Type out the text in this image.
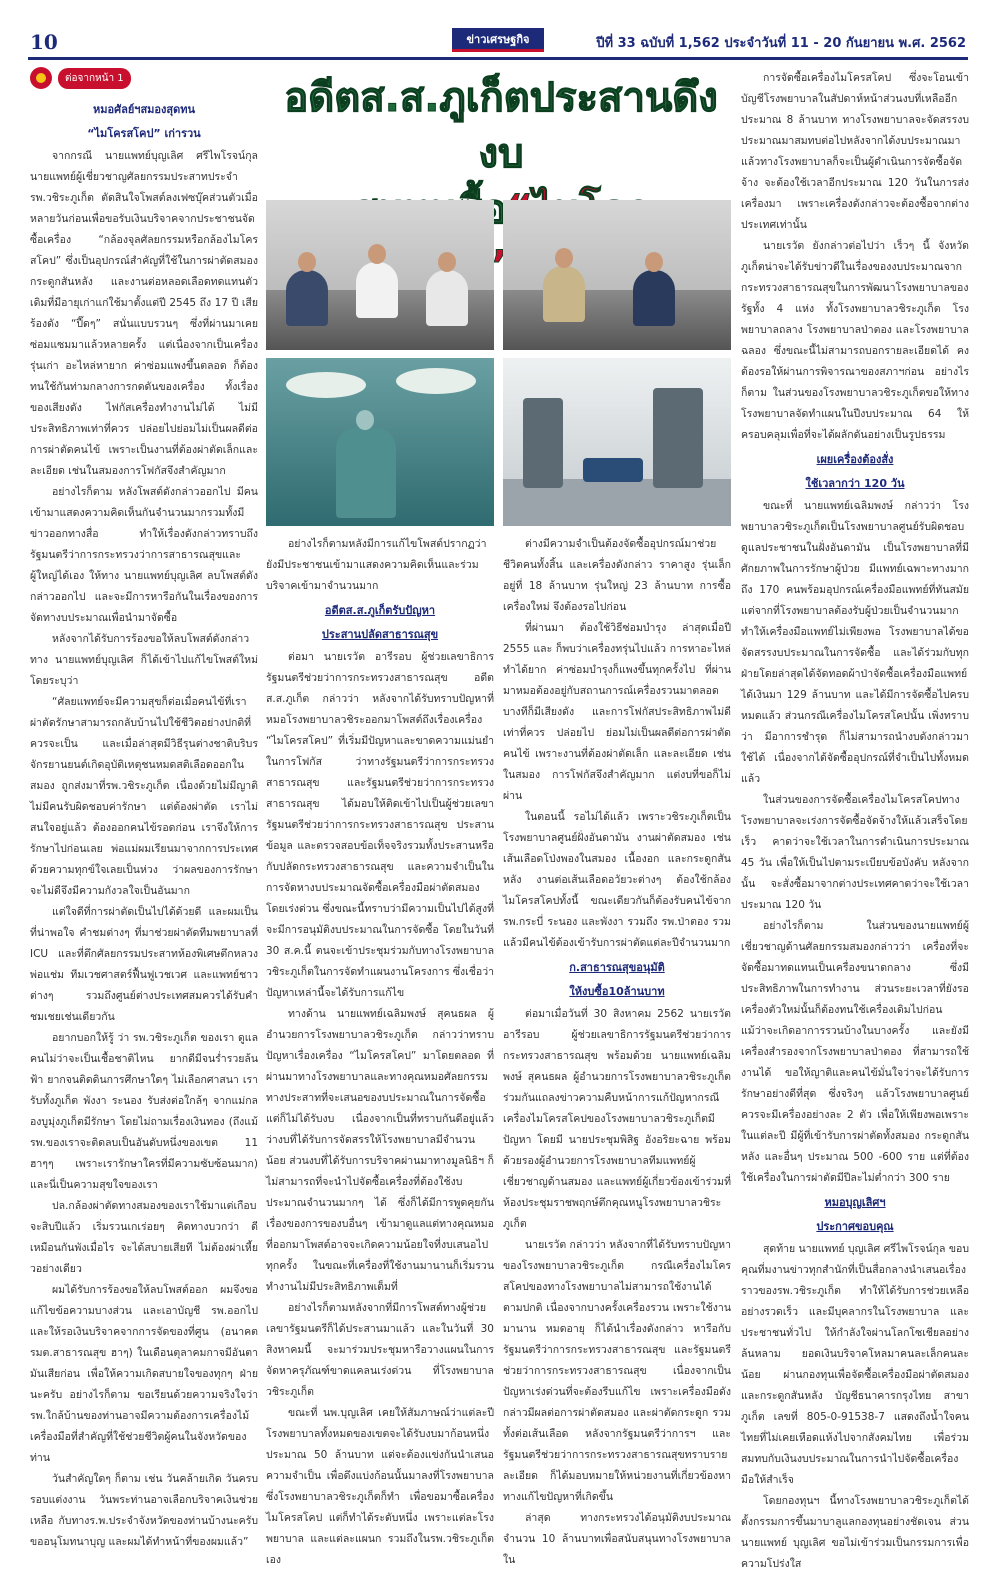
10	ข่าวเศรษฐกิจ	ปีที่ 33 ฉบับที่ 1,562 ประจำวันที่ 11 - 20 กันยายน พ.ศ. 2562
ต่อจากหน้า 1	อดีตส.ส.ภูเก็ตประสานดึงงบ
หมอศัลย์ฯสมองสุดทน
“ไมโครสโคป” เก่ารวน

จากกรณี นายแพทย์บุญเลิศ ศรีไพโรจน์กุล นายแพทย์ผู้เชี่ยวชาญศัลยกรรมประสาทประจำ รพ.วชิระภูเก็ต ตัดสินใจโพสต์ลงเฟซบุ๊คส่วนตัวเมื่อหลายวันก่อนเพื่อขอรับเงินบริจาคจากประชาชนจัดซื้อเครื่อง “กล้องจุลศัลยกรรมหรือกล้องไมโครสโคป” ซึ่งเป็นอุปกรณ์สำคัญที่ใช้ในการผ่าตัดสมอง กระดูกสันหลัง และงานต่อหลอดเลือดทดแทนตัวเดิมที่มีอายุเก่าแก่ใช้มาตั้งแต่ปี 2545 ถึง 17 ปี เสียร้องดัง “ปี๊ดๆ” สนั่นแบบรวนๆ ซึ่งที่ผ่านมาเคยซ่อมแซมมาแล้วหลายครั้ง แต่เนื่องจากเป็นเครื่องรุ่นเก่า อะไหล่หายาก ค่าซ่อมแพงขึ้นตลอด ก็ต้องทนใช้กันท่ามกลางการกดดันของเครื่อง ทั้งเรื่องของเสียงดัง ไฟกัสเครื่องทำงานไม่ได้ ไม่มีประสิทธิภาพเท่าที่ควร ปล่อยไปย่อมไม่เป็นผลดีต่อการผ่าตัดคนไข้ เพราะเป็นงานที่ต้องผ่าตัดเล็กและละเอียด เช่นในสมองการโฟกัสจึงสำคัญมาก

อย่างไรก็ตาม หลังโพสต์ดังกล่าวออกไป มีคนเข้ามาแสดงความคิดเห็นกันจำนวนมากรวมทั้งมีข่าวออกทางสื่อ ทำให้เรื่องดังกล่าวทราบถึงรัฐมนตรีว่าการกระทรวงว่าการสาธารณสุขและผู้ใหญ่ได้เอง ให้ทาง นายแพทย์บุญเลิศ ลบโพสต์ดังกล่าวออกไป และจะมีการหารือกันในเรื่องของการจัดทางบประมาณเพื่อนำมาจัดซื้อ

หลังจากได้รับการร้องขอให้ลบโพสต์ดังกล่าว ทาง นายแพทย์บุญเลิศ ก็ได้เข้าไปแก้ไขโพสต์ใหม่โดยระบุว่า

“ศัลยแพทย์จะมีความสุขก็ต่อเมื่อคนไข้ที่เราผ่าตัดรักษาสามารถกลับบ้านไปใช้ชีวิตอย่างปกติที่ควรจะเป็น และเมื่อล่าสุดมีวิธีรุนต่างชาติบริบรจักรยานยนต์เกิดอุบัติเหตุชนหมดสติเลือดออกในสมอง ถูกส่งมาที่รพ.วชิระภูเก็ต เนื่องด้วยไม่มีญาติ ไม่มีคนรับผิดชอบค่ารักษา แต่ต้องผ่าตัด เราไม่สนใจอยู่แล้ว ต้องออกคนไข้รอดก่อน เราจึงให้การรักษาไปก่อนเลย พ่อแม่ผมเรียนมาจากการประเทศด้วยความทุกข์ใจเลยเป็นห่วง ว่าผลของการรักษาจะไม่ดีจึงมีความกังวลใจเป็นอันมาก

แต่ใจดีที่การผ่าตัดเป็นไปได้ด้วยดี และผมเป็นที่น่าพอใจ คำชมต่างๆ ที่มาช่วยผ่าตัดทีมพยาบาลที่ ICU และที่ตึกศัลยกรรมประสาทห้องพิเศษตึกหลวงพ่อแช่ม ทีมเวชศาสตร์ฟื้นฟูเวชเวศ และแพทย์ชาวต่างๆ รวมถึงศูนย์ต่างประเทศสมควรได้รับคำชมเชยเช่นเดียวกัน

อยากบอกให้รู้ ว่า รพ.วชิระภูเก็ต ของเรา ดูแลคนไม่ว่าจะเป็นเชื้อชาติไหน ยากดีมีจนร่ำรวยล้นฟ้า ยากจนติดดินการศึกษาใดๆ ไม่เลือกศาสนา เรารับทั้งภูเก็ต พังงา ระนอง รับส่งต่อใกล้ๆ จากแม่กลองบูมุ่งภูเก็ตมีรักษา โดยไม่ถามเรื่องเงินทอง (ถึงแม้ รพ.ของเราจะติดลบเป็นอันดับหนึ่งของเขต 11 ฮาๆๆ เพราะเรารักษาใครที่มีความซับซ้อนมาก) และนี่เป็นความสุขใจของเรา

ปล.กล้องผ่าตัดทางสมองของเราใช้มาแต่เกือบจะสิบปีแล้ว เริ่มรวนเกเร่อยๆ คิดทางบวกว่า ดีเหมือนกันพังเมื่อไร จะได้สบายเสียที ไม่ต้องผ่าเหี้ยวอย่างเดียว

ผมได้รับการร้องขอให้ลบโพสต์ออก ผมจึงขอแก้ไขข้อความบางส่วน และเอาบัญชี รพ.ออกไป และให้รอเงินบริจาคจากการจัดของที่ศูน (อนาคต รมต.สาธารณสุข ฮาๆ) ในเดือนตุลาคมกาจมีอันตามันเสียก่อน เพื่อให้ความเกิดสบายใจของทุกๆ ฝ่ายนะครับ อย่างไรก็ตาม ขอเรียนด้วยความจริงใจว่า รพ.ใกล้บ้านของท่านอาจมีความต้องการเครื่องไม้เครื่องมือที่สำคัญที่ใช้ช่วยชีวิตผู้คนในจังหวัดของท่าน

วันสำคัญใดๆ ก็ตาม เช่น วันคล้ายเกิด วันครบรอบแต่งงาน วันพระท่านอาจเลือกบริจาคเงินช่วยเหลือ กับทางร.พ.ประจำจังหวัดของท่านบ้างนะครับ ขออนุโมทนาบุญ และผมได้ทำหน้าที่ของผมแล้ว”

อย่างไรก็ตามหลังมีการแก้ไขโพสต์ปรากฏว่ายังมีประชาชนเข้ามาแสดงความคิดเห็นและร่วมบริจาคเข้ามาจำนวนมาก

อดีตส.ส.ภูเก็ตรับปัญหา
ประสานปลัดสาธารณสุข

ต่อมา นายเรวัต อารีรอบ ผู้ช่วยเลขาธิการรัฐมนตรีช่วยว่าการกระทรวงสาธารณสุข อดีต ส.ส.ภูเก็ต กล่าวว่า หลังจากได้รับทราบปัญหาที่หมอโรงพยาบาลวชิระออกมาโพสต์ถึงเรื่องเครื่อง “ไมโครสโคป” ที่เริ่มมีปัญหาและขาดความแม่นยำในการโฟกัส ว่าทางรัฐมนตรีว่าการกระทรวงสาธารณสุข และรัฐมนตรีช่วยว่าการกระทรวงสาธารณสุข ได้มอบให้ติดเข้าไปเป็นผู้ช่วยเลขารัฐมนตรีช่วยว่าการกระทรวงสาธารณสุข ประสานข้อมูล และตรวจสอบข้อเท็จจริงรวมทั้งประสานหรือกับปลัดกระทรวงสาธารณสุข และความจำเป็นในการจัดหางบประมาณจัดซื้อเครื่องมือผ่าตัดสมองโดยเร่งด่วน ซึ่งขณะนี้ทราบว่ามีความเป็นไปได้สูงที่จะมีการอนุมัติงบประมาณในการจัดซื้อ โดยในวันที่ 30 ส.ค.นี้ ตนจะเข้าประชุมร่วมกับทางโรงพยาบาลวชิระภูเก็ตในการจัดทำแผนงานโครงการ ซึ่งเชื่อว่าปัญหาเหล่านี้จะได้รับการแก้ไข

ทางด้าน นายแพทย์เฉลิมพงษ์ สุคนธผล ผู้อำนวยการโรงพยาบาลวชิระภูเก็ต กล่าวว่าทราบปัญหาเรื่องเครื่อง “ไมโครสโคป” มาโดยตลอด ที่ผ่านมาทางโรงพยาบาลและทางคุณหมอศัลยกรรมทางประสาทที่จะเสนอของบประมาณในการจัดซื้อ แต่ก็ไม่ได้รับงบ เนื่องจากเป็นที่ทราบกันดีอยู่แล้ว ว่างบที่ได้รับการจัดสรรให้โรงพยาบาลมีจำนวนน้อย ส่วนงบที่ได้รับการบริจาคผ่านมาทางมูลนิธิฯ ก็ไม่สามารถที่จะนำไปจัดซื้อเครื่องที่ต้องใช้งบประมาณจำนวนมากๆ ได้ ซึ่งก็ได้มีการพูดคุยกันเรื่องของการของบอื่นๆ เข้ามาดูแลแต่ทางคุณหมอที่ออกมาโพสต์อาจจะเกิดความน้อยใจที่งบเสนอไปทุกครั้ง ในขณะที่เครื่องที่ใช้งานมานานก็เริ่มรวน ทำงานไม่มีประสิทธิภาพเต็มที่

อย่างไรก็ตามหลังจากที่มีการโพสต์ทางผู้ช่วยเลขารัฐมนตรีก็ได้ประสานมาแล้ว และในวันที่ 30 สิงหาคมนี้ จะมาร่วมประชุมหารือวางแผนในการจัดหาครุภัณฑ์ขาดแคลนเร่งด่วน ที่โรงพยาบาลวชิระภูเก็ต

ขณะที่ นพ.บุญเลิศ เคยให้สัมภาษณ์ว่าแต่ละปีโรงพยาบาลทั้งหมดของเขตจะได้รับงบมาก้อนหนึ่งประมาณ 50 ล้านบาท แต่จะต้องแข่งกันนำเสนอความจำเป็น เพื่อดึงแบ่งก้อนนั้นมาลงที่โรงพยาบาลซึ่งโรงพยาบาลวชิระภูเก็ตก็ทำ เพื่อขอมาซื้อเครื่องไมโครสโคป แต่ก็ทำได้ระดับหนึ่ง เพราะแต่ละโรงพยาบาล และแต่ละแผนก รวมถึงในรพ.วชิระภูเก็ตเอง

ต่างมีความจำเป็นต้องจัดซื้ออุปกรณ์มาช่วยชีวิตคนทั้งสิ้น และเครื่องดังกล่าว ราคาสูง รุ่นเล็กอยู่ที่ 18 ล้านบาท รุ่นใหญ่ 23 ล้านบาท การซื้อเครื่องใหม่ จึงต้องรอไปก่อน

ที่ผ่านมา ต้องใช้วิธีซ่อมบำรุง ล่าสุดเมื่อปี 2555 และ ก็พบว่าเครื่องทรุ่นไปแล้ว การหาอะไหล่ทำได้ยาก ค่าซ่อมบำรุงก็แพงขึ้นทุกครั้งไป ที่ผ่านมาหมอต้องอยู่กับสถานการณ์เครื่องรวนมาตลอด บางทีก็มีเสียงดัง และการโฟกัสประสิทธิภาพไม่ดีเท่าที่ควร ปล่อยไป ย่อมไม่เป็นผลดีต่อการผ่าตัดคนไข้ เพราะงานที่ต้องผ่าตัดเล็ก และละเอียด เช่น ในสมอง การโฟกัสจึงสำคัญมาก แต่งบที่ขอก็ไม่ผ่าน

ในตอนนี้ รอไม่ได้แล้ว เพราะวชิระภูเก็ตเป็นโรงพยาบาลศูนย์ฝั่งอันดามัน งานผ่าตัดสมอง เช่น เส้นเลือดโป่งพองในสมอง เนื้องอก และกระดูกสันหลัง งานต่อเส้นเลือดอวัยวะต่างๆ ต้องใช้กล้องไมโครสโคปทั้งนี้ ขณะเดียวกันก็ต้องรับคนไข้จาก รพ.กระบี่ ระนอง และพังงา รวมถึง รพ.ป่าตอง รวมแล้วมีคนไข้ต้องเข้ารับการผ่าตัดแต่ละปีจำนวนมาก

ก.สาธารณสุขอนุมัติ
ให้งบซื้อ10ล้านบาท

ต่อมาเมื่อวันที่ 30 สิงหาคม 2562 นายเรวัต อารีรอบ ผู้ช่วยเลขาธิการรัฐมนตรีช่วยว่าการกระทรวงสาธารณสุข พร้อมด้วย นายแพทย์เฉลิมพงษ์ สุคนธผล ผู้อำนวยการโรงพยาบาลวชิระภูเก็ตร่วมกันแถลงข่าวความคืบหน้าการแก้ปัญหากรณีเครื่องไมโครสโคปของโรงพยาบาลวชิระภูเก็ตมีปัญหา โดยมี นายประชุมพิสิฐ อังอริยะฉาย พร้อมด้วยรองผู้อำนวยการโรงพยาบาลทีมแพทย์ผู้เชี่ยวชาญด้านสมอง และแพทย์ผู้เกี่ยวข้องเข้าร่วมที่ห้องประชุมราชพฤกษ์ตึกคุณหนูโรงพยาบาลวชิระภูเก็ต

นายเรวัต กล่าวว่า หลังจากที่ได้รับทราบปัญหาของโรงพยาบาลวชิระภูเก็ต กรณีเครื่องไมโครสโคปของทางโรงพยาบาลไม่สามารถใช้งานได้ตามปกติ เนื่องจากบางครั้งเครื่องรวน เพราะใช้งานมานาน หมดอายุ ก็ได้นำเรื่องดังกล่าว หารือกับรัฐมนตรีว่าการกระทรวงสาธารณสุข และรัฐมนตรีช่วยว่าการกระทรวงสาธารณสุข เนื่องจากเป็นปัญหาเร่งด่วนที่จะต้องรีบแก้ไข เพราะเครื่องมือดังกล่าวมีผลต่อการผ่าตัดสมอง และผ่าตัดกระดูก รวมทั้งต่อเส้นเลือด หลังจากรัฐมนตรีว่าการฯ และรัฐมนตรีช่วยว่าการกระทรวงสาธารณสุขทราบรายละเอียด ก็ได้มอบหมายให้หน่วยงานที่เกี่ยวข้องหาทางแก้ไขปัญหาที่เกิดขึ้น

ล่าสุด ทางกระทรวงได้อนุมัติงบประมาณจำนวน 10 ล้านบาทเพื่อสนับสนุนทางโรงพยาบาลใน

การจัดซื้อเครื่องไมโครสโคป ซึ่งจะโอนเข้าบัญชีโรงพยาบาลในสัปดาห์หน้าส่วนงบที่เหลืออีกประมาณ 8 ล้านบาท ทางโรงพยาบาลจะจัดสรรงบประมาณมาสมทบต่อไปหลังจากได้งบประมาณมาแล้วทางโรงพยาบาลก็จะเป็นผู้ดำเนินการจัดซื้อจัดจ้าง จะต้องใช้เวลาอีกประมาณ 120 วันในการส่งเครื่องมา เพราะเครื่องดังกล่าวจะต้องซื้อจากต่างประเทศเท่านั้น

นายเรวัต ยังกล่าวต่อไปว่า เร็วๆ นี้ จังหวัดภูเก็ตน่าจะได้รับข่าวดีในเรื่องของงบประมาณจากกระทรวงสาธารณสุขในการพัฒนาโรงพยาบาลของรัฐทั้ง 4 แห่ง ทั้งโรงพยาบาลวชิระภูเก็ต โรงพยาบาลถลาง โรงพยาบาลป่าตอง และโรงพยาบาลฉลอง ซึ่งขณะนี้ไม่สามารถบอกรายละเอียดได้ คงต้องรอให้ผ่านการพิจารณาของสภาฯก่อน อย่างไรก็ตาม ในส่วนของโรงพยาบาลวชิระภูเก็ตขอให้ทางโรงพยาบาลจัดทำแผนในปีงบประมาณ 64 ให้ครอบคลุมเพื่อที่จะได้ผลักดันอย่างเป็นรูปธรรม

เผยเครื่องต้องสั่ง
ใช้เวลากว่า 120 วัน

ขณะที่ นายแพทย์เฉลิมพงษ์ กล่าวว่า โรงพยาบาลวชิระภูเก็ตเป็นโรงพยาบาลศูนย์รับผิดชอบดูแลประชาชนในฝั่งอันดามัน เป็นโรงพยาบาลที่มีศักยภาพในการรักษาผู้ป่วย มีแพทย์เฉพาะทางมาก ถึง 170 คนพร้อมอุปกรณ์เครื่องมือแพทย์ที่ทันสมัย แต่จากที่โรงพยาบาลต้องรับผู้ป่วยเป็นจำนวนมาก ทำให้เครื่องมือแพทย์ไม่เพียงพอ โรงพยาบาลได้ขอจัดสรรงบประมาณในการจัดซื้อ และได้ร่วมกับทุกฝ่ายโดยล่าสุดได้จัดทอดผ้าป่าจัดซื้อเครื่องมือแพทย์ได้เงินมา 129 ล้านบาท และได้มีการจัดซื้อไปครบหมดแล้ว ส่วนกรณีเครื่องไมโครสโคปนั้น เพิ่งทราบว่า มีอาการชำรุด ก็ไม่สามารถนำงบดังกล่าวมาใช้ได้ เนื่องจากได้จัดซื้ออุปกรณ์ที่จำเป็นไปทั้งหมดแล้ว

ในส่วนของการจัดซื้อเครื่องไมโครสโคปทางโรงพยาบาลจะเร่งการจัดซื้อจัดจ้างให้แล้วเสร็จโดยเร็ว คาดว่าจะใช้เวลาในการดำเนินการประมาณ 45 วัน เพื่อให้เป็นไปตามระเบียบข้อบังคับ หลังจากนั้น จะสั่งซื้อมาจากต่างประเทศคาดว่าจะใช้เวลาประมาณ 120 วัน

อย่างไรก็ตาม ในส่วนของนายแพทย์ผู้เชี่ยวชาญด้านศัลยกรรมสมองกล่าวว่า เครื่องที่จะจัดซื้อมาทดแทนเป็นเครื่องขนาดกลาง ซึ่งมีประสิทธิภาพในการทำงาน ส่วนระยะเวลาที่ยังรอเครื่องตัวใหม่นั้นก็ต้องทนใช้เครื่องเดิมไปก่อน แม้ว่าจะเกิดอาการรวนบ้างในบางครั้ง และยังมีเครื่องสำรองจากโรงพยาบาลป่าตอง ที่สามารถใช้งานได้ ขอให้ญาติและคนไข้มั่นใจว่าจะได้รับการรักษาอย่างดีที่สุด ซึ่งจริงๆ แล้วโรงพยาบาลศูนย์ควรจะมีเครื่องอย่างละ 2 ตัว เพื่อให้เพียงพอเพราะในแต่ละปี มีผู้ที่เข้ารับการผ่าตัดทั้งสมอง กระดูกสันหลัง และอื่นๆ ประมาณ 500 -600 ราย แต่ที่ต้องใช้เครื่องในการผ่าตัดมีปีละไม่ต่ำกว่า 300 ราย

หมอบุญเลิศฯ
ประกาศขอบคุณ

สุดท้าย นายแพทย์ บุญเลิศ ศรีไพโรจน์กุล ขอบคุณที่มงานข่าวทุกสำนักที่เป็นสื่อกลางนำเสนอเรื่องราวของรพ.วชิระภูเก็ต ทำให้ได้รับการช่วยเหลืออย่างรวดเร็ว และมีบุคลากรในโรงพยาบาล และประชาชนทั่วไป ให้กำลังใจผ่านโลกโซเชียลอย่างล้นหลาม ยอดเงินบริจาคโหลมาคนละเล็กคนละน้อย ผ่านกองทุนเพื่อจัดซื้อเครื่องมือผ่าตัดสมอง และกระดูกสันหลัง บัญชีธนาคารกรุงไทย สาขาภูเก็ต เลขที่ 805-0-91538-7 แสดงถึงน้ำใจคนไทยที่ไม่เคยเหือดแห้งไปจากสังคมไทย เพื่อร่วมสมทบกับเงินงบประมาณในการนำไปจัดซื้อเครื่องมือให้สำเร็จ

โดยกองทุนฯ นี้ทางโรงพยาบาลวชิระภูเก็ตได้ตั้งกรรมการขึ้นมาบาลูแลกองทุนอย่างชัดเจน ส่วนนายแพทย์ บุญเลิศ ขอไม่เข้าร่วมเป็นกรรมการเพื่อความโปร่งใส
